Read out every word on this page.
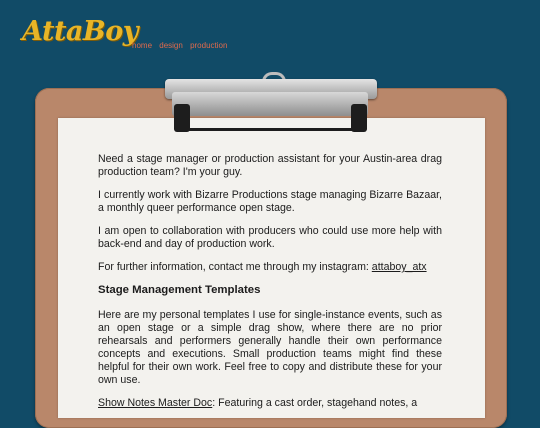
AttaBoy
home design production

Need a stage manager or production assistant for your Austin-area drag production team? I'm your guy.

I currently work with Bizarre Productions stage managing Bizarre Bazaar, a monthly queer performance open stage.

I am open to collaboration with producers who could use more help with back-end and day of production work.

For further information, contact me through my instagram: attaboy_atx

Stage Management Templates

Here are my personal templates I use for single-instance events, such as an open stage or a simple drag show, where there are no prior rehearsals and performers generally handle their own performance concepts and executions. Small production teams might find these helpful for their own work. Feel free to copy and distribute these for your own use.

Show Notes Master Doc: Featuring a cast order, stagehand notes, a
